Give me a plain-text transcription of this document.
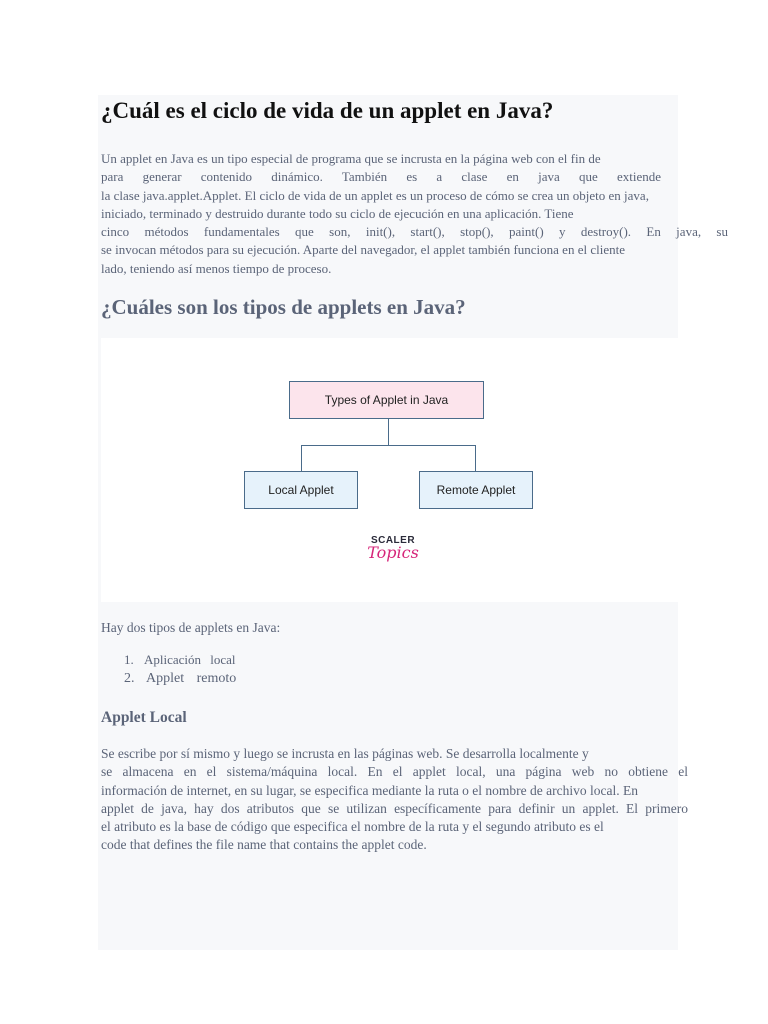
¿Cuál es el ciclo de vida de un applet en Java?
Un applet en Java es un tipo especial de programa que se incrusta en la página web con el fin de
para generar contenido dinámico. También es a clase en java que extiende
la clase java.applet.Applet. El ciclo de vida de un applet es un proceso de cómo se crea un objeto en java,
iniciado, terminado y destruido durante todo su ciclo de ejecución en una aplicación. Tiene
cinco métodos fundamentales que son, init(), start(), stop(), paint() y destroy(). En java, su
se invocan métodos para su ejecución. Aparte del navegador, el applet también funciona en el cliente
lado, teniendo así menos tiempo de proceso.
¿Cuáles son los tipos de applets en Java?
Types of Applet in Java
Local Applet	Remote Applet
SCALER
Topics
Hay dos tipos de applets en Java:
1. Aplicación local
2. Applet remoto
Applet Local
Se escribe por sí mismo y luego se incrusta en las páginas web. Se desarrolla localmente y
se almacena en el sistema/máquina local. En el applet local, una página web no obtiene el
información de internet, en su lugar, se especifica mediante la ruta o el nombre de archivo local. En
applet de java, hay dos atributos que se utilizan específicamente para definir un applet. El primero
el atributo es la base de código que especifica el nombre de la ruta y el segundo atributo es el
code that defines the file name that contains the applet code.
